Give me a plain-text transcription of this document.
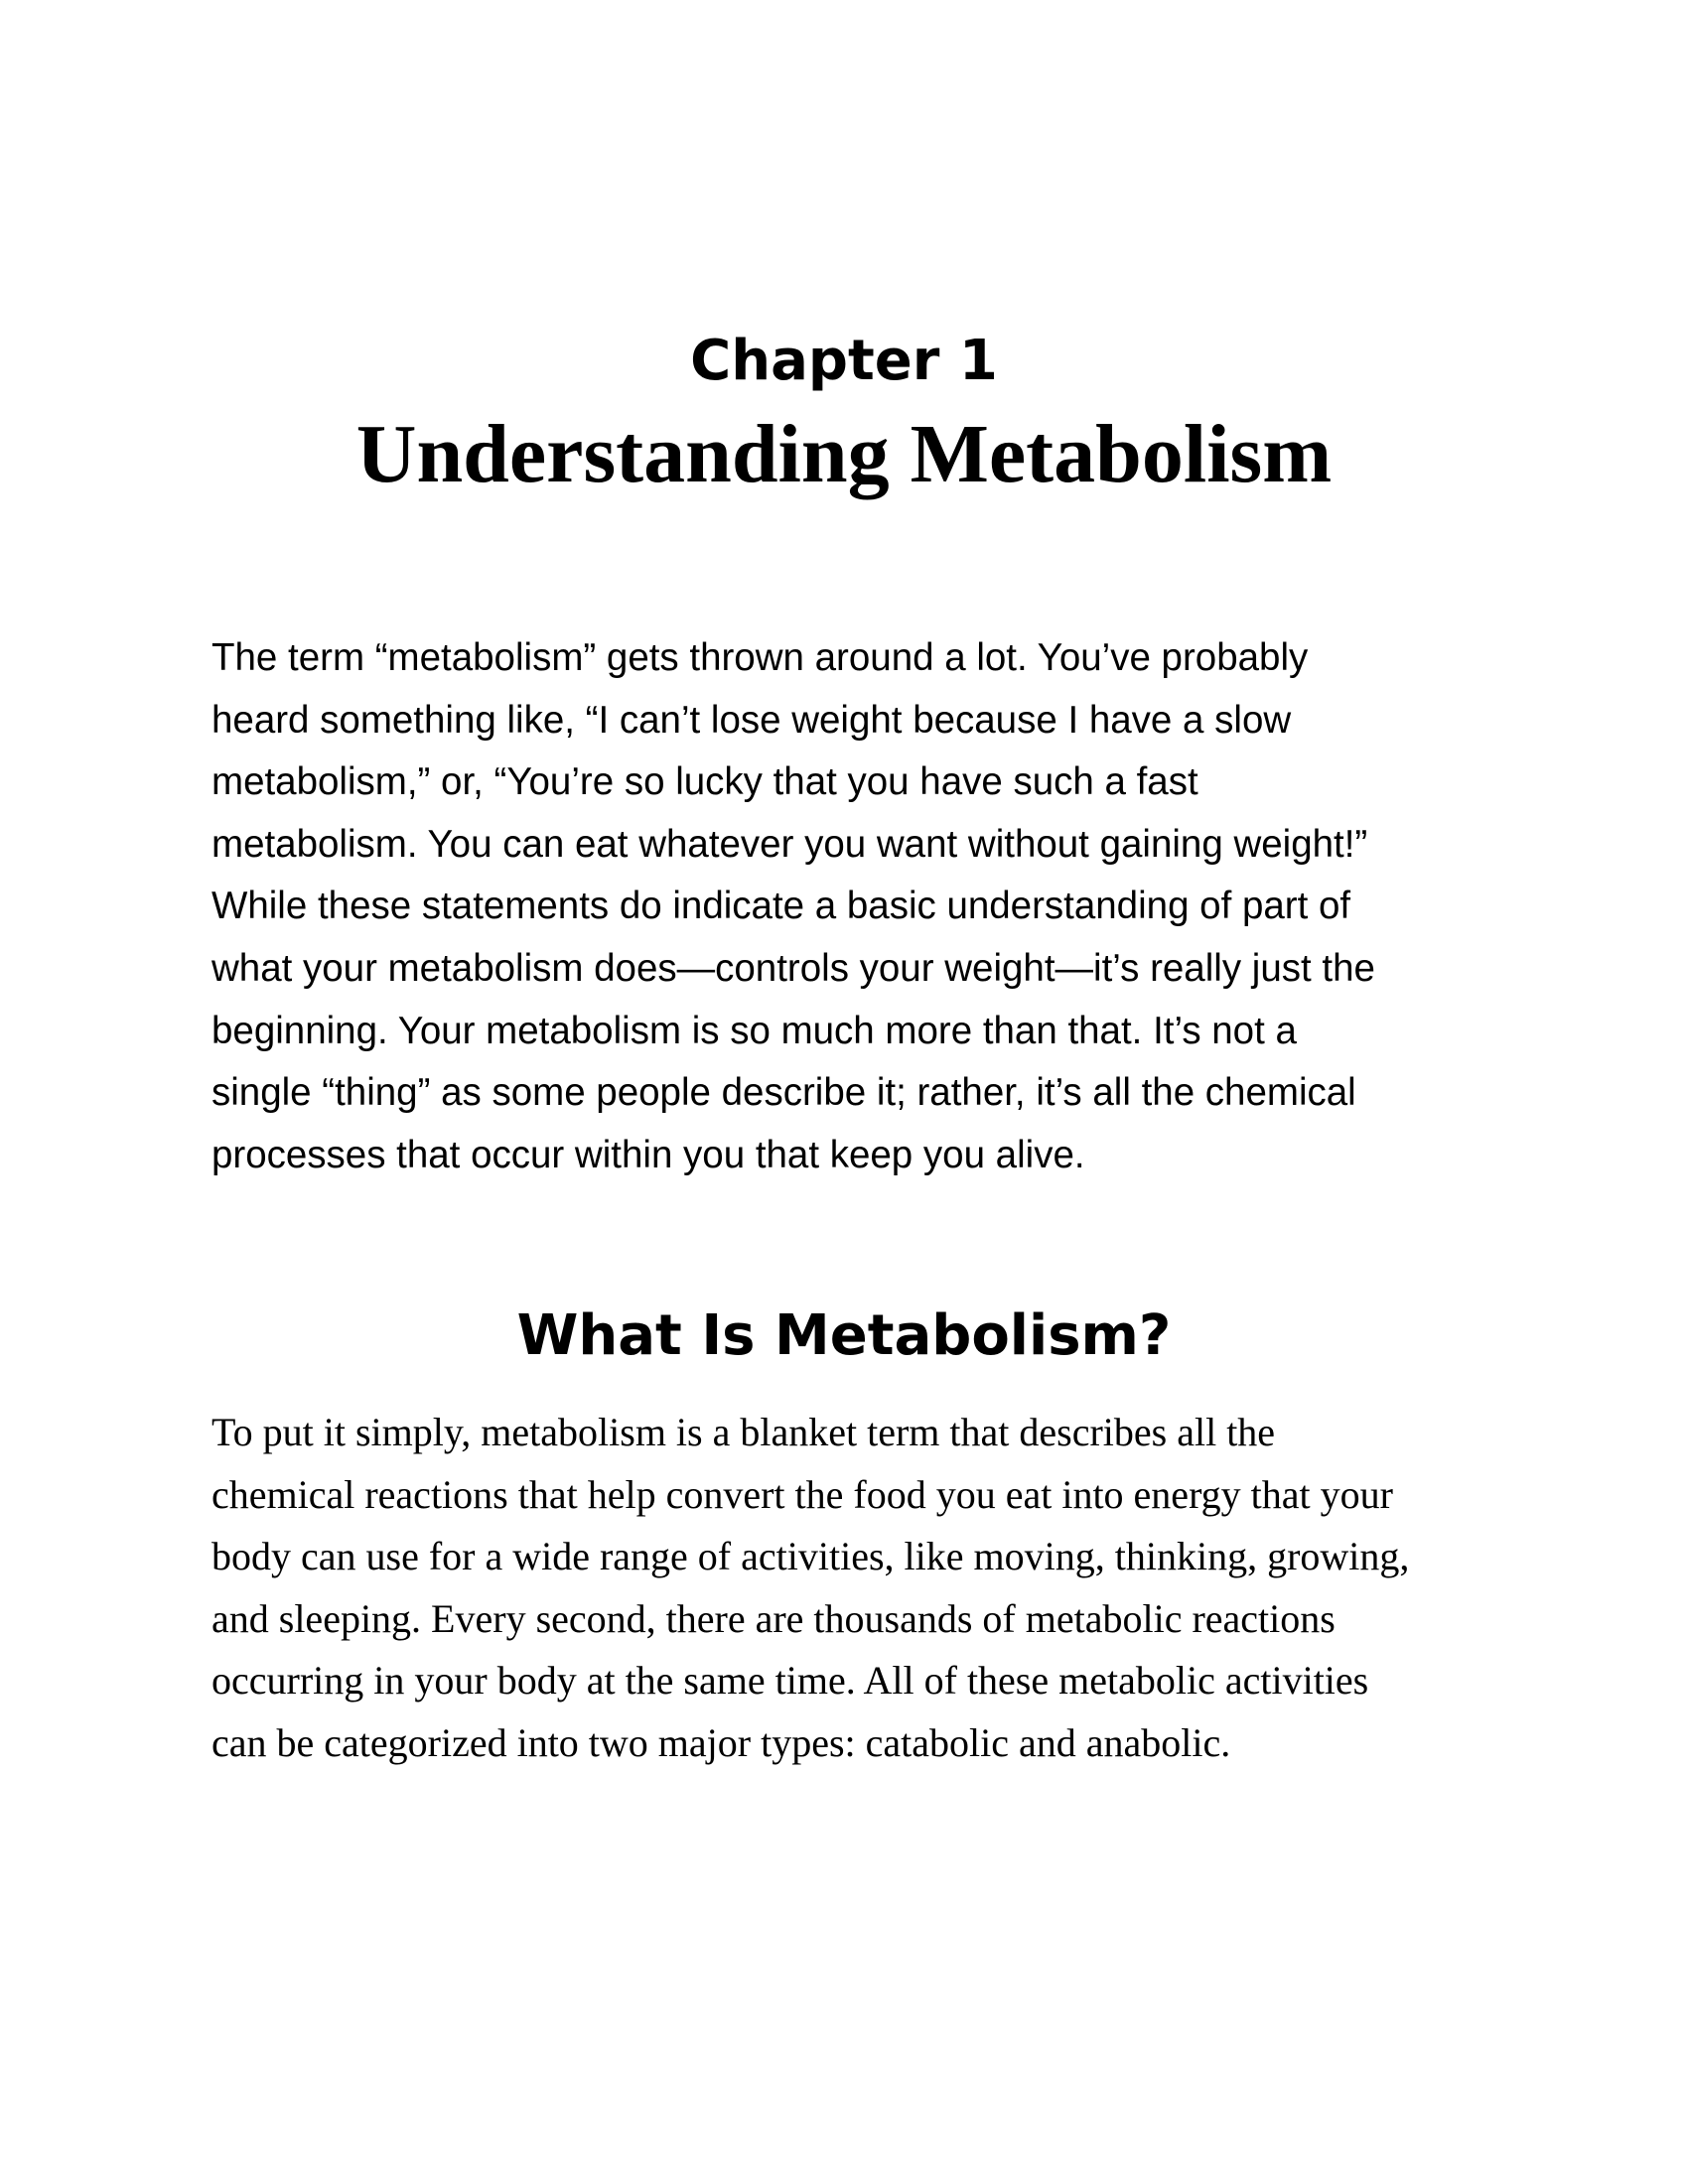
Chapter 1
Understanding Metabolism

The term “metabolism” gets thrown around a lot. You’ve probably
heard something like, “I can’t lose weight because I have a slow
metabolism,” or, “You’re so lucky that you have such a fast
metabolism. You can eat whatever you want without gaining weight!”
While these statements do indicate a basic understanding of part of
what your metabolism does—controls your weight—it’s really just the
beginning. Your metabolism is so much more than that. It’s not a
single “thing” as some people describe it; rather, it’s all the chemical
processes that occur within you that keep you alive.

What Is Metabolism?

To put it simply, metabolism is a blanket term that describes all the
chemical reactions that help convert the food you eat into energy that your
body can use for a wide range of activities, like moving, thinking, growing,
and sleeping. Every second, there are thousands of metabolic reactions
occurring in your body at the same time. All of these metabolic activities
can be categorized into two major types: catabolic and anabolic.
